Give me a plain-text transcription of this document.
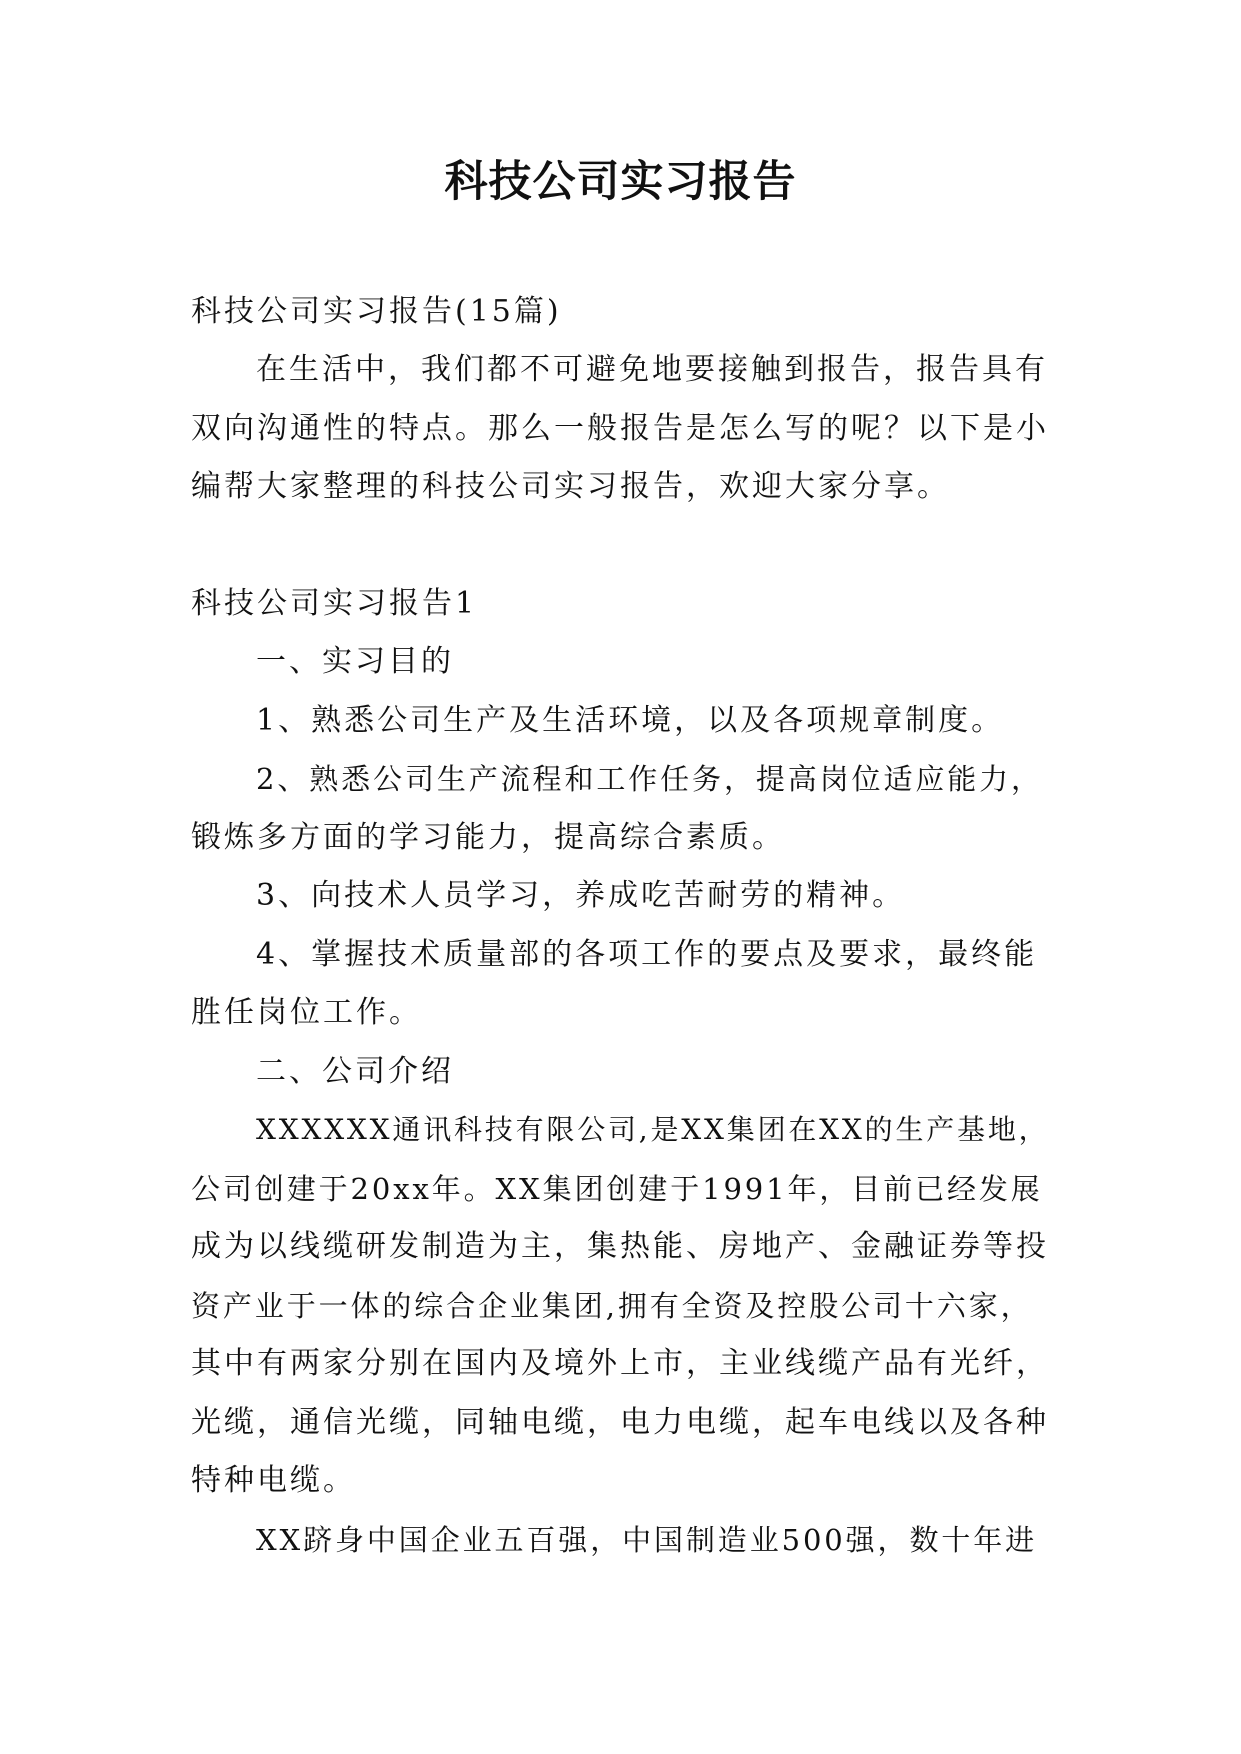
科技公司实习报告
科技公司实习报告(15篇)
在生活中，我们都不可避免地要接触到报告，报告具有
双向沟通性的特点。那么一般报告是怎么写的呢？以下是小
编帮大家整理的科技公司实习报告，欢迎大家分享。
科技公司实习报告1
一、实习目的
1、熟悉公司生产及生活环境，以及各项规章制度。
2、熟悉公司生产流程和工作任务，提高岗位适应能力，
锻炼多方面的学习能力，提高综合素质。
3、向技术人员学习，养成吃苦耐劳的精神。
4、掌握技术质量部的各项工作的要点及要求，最终能
胜任岗位工作。
二、公司介绍
XXXXXX通讯科技有限公司,是XX集团在XX的生产基地，
公司创建于20xx年。XX集团创建于1991年，目前已经发展
成为以线缆研发制造为主，集热能、房地产、金融证券等投
资产业于一体的综合企业集团,拥有全资及控股公司十六家，
其中有两家分别在国内及境外上市，主业线缆产品有光纤，
光缆，通信光缆，同轴电缆，电力电缆，起车电线以及各种
特种电缆。
XX跻身中国企业五百强，中国制造业500强，数十年进
